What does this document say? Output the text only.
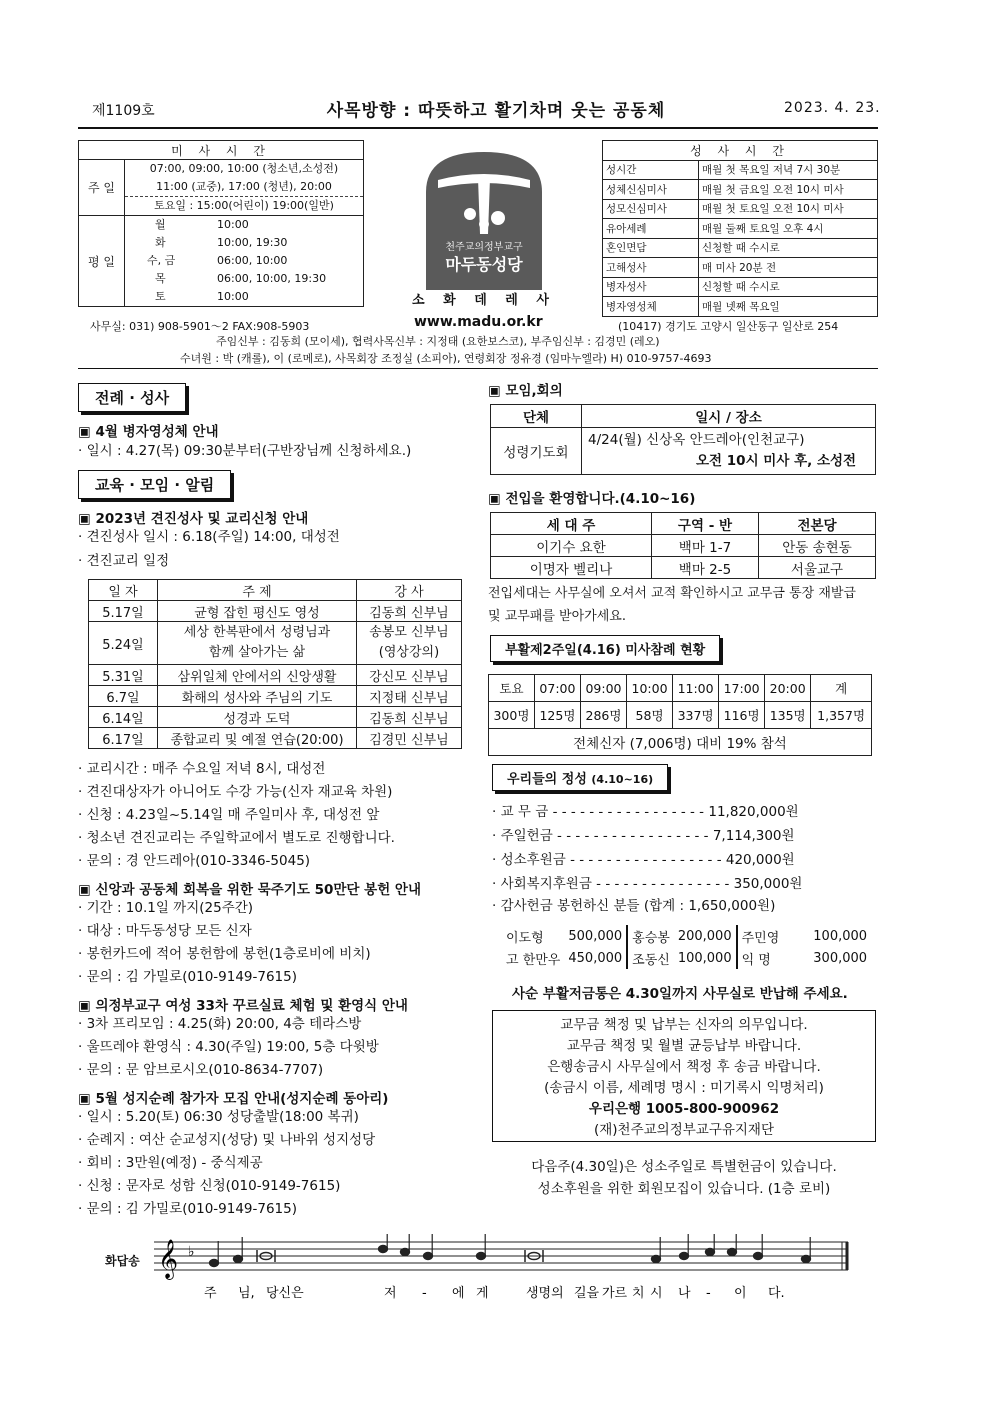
제1109호	사목방향 : 따뜻하고 활기차며 웃는 공동체	2023. 4. 23.
미 사 시 간	
주 일	07:00, 09:00, 10:00 (청소년,소성전)
11:00 (교중), 17:00 (청년), 20:00
토요일 : 15:00(어린이) 19:00(일반)

평 일	월 10:00
화 10:00, 19:30
수, 금 06:00, 10:00
목 06:00, 10:00, 19:30
토 10:00
천주교의정부교구
마두동성당
소 화 데 레 사
성 사 시 간	
성시간	매월 첫 목요일 저녁 7시 30분
성체신심미사	매월 첫 금요일 오전 10시 미사
성모신심미사	매월 첫 토요일 오전 10시 미사
유아세례	매월 둘째 토요일 오후 4시
혼인면담	신청할 때 수시로
고해성사	매 미사 20분 전
병자성사	신청할 때 수시로
병자영성체	매월 넷째 목요일
사무실: 031) 908-5901～2 FAX:908-5903	www.madu.or.kr	(10417) 경기도 고양시 일산동구 일산로 254
주임신부 : 김동희 (모이세), 협력사목신부 : 지정태 (요한보스코), 부주임신부 : 김경민 (레오)
수녀원 : 박 (캐롤), 이 (로메로), 사목회장 조정실 (소피아), 연령회장 정유경 (임마누엘라) H) 010-9757-4693
전례 · 성사
▣ 4월 병자영성체 안내
· 일시 : 4.27(목) 09:30분부터(구반장님께 신청하세요.)
교육 · 모임 · 알림
▣ 2023년 견진성사 및 교리신청 안내
· 견진성사 일시 : 6.18(주일) 14:00, 대성전
· 견진교리 일정
일 자	주 제	강 사
5.17일	균형 잡힌 평신도 영성	김동희 신부님
5.24일	세상 한복판에서 성령님과
함께 살아가는 삶	송봉모 신부님
(영상강의)
5.31일	삼위일체 안에서의 신앙생활	강신모 신부님
6.7일	화해의 성사와 주님의 기도	지정태 신부님
6.14일	성경과 도덕	김동희 신부님
6.17일	종합교리 및 예절 연습(20:00)	김경민 신부님
· 교리시간 : 매주 수요일 저녁 8시, 대성전
· 견진대상자가 아니어도 수강 가능(신자 재교육 차원)
· 신청 : 4.23일~5.14일 매 주일미사 후, 대성전 앞
· 청소년 견진교리는 주일학교에서 별도로 진행합니다.
· 문의 : 경 안드레아(010-3346-5045)
▣ 신앙과 공동체 회복을 위한 묵주기도 50만단 봉헌 안내
· 기간 : 10.1일 까지(25주간)
· 대상 : 마두동성당 모든 신자
· 봉헌카드에 적어 봉헌함에 봉헌(1층로비에 비치)
· 문의 : 김 가밀로(010-9149-7615)
▣ 의정부교구 여성 33차 꾸르실료 체험 및 환영식 안내
· 3차 프리모임 : 4.25(화) 20:00, 4층 테라스방
· 울뜨레야 환영식 : 4.30(주일) 19:00, 5층 다윗방
· 문의 : 문 암브로시오(010-8634-7707)
▣ 5월 성지순례 참가자 모집 안내(성지순례 동아리)
· 일시 : 5.20(토) 06:30 성당출발(18:00 복귀)
· 순례지 : 여산 순교성지(성당) 및 나바위 성지성당
· 회비 : 3만원(예정) - 중식제공
· 신청 : 문자로 성함 신청(010-9149-7615)
· 문의 : 김 가밀로(010-9149-7615)
▣ 모임,회의
단체	일시 / 장소
성령기도회	4/24(월) 신상옥 안드레아(인천교구)
오전 10시 미사 후, 소성전
▣ 전입을 환영합니다.(4.10~16)
세 대 주	구역 - 반	전본당
이기수 요한	백마 1-7	안동 송현동
이명자 벨리나	백마 2-5	서울교구
전입세대는 사무실에 오셔서 교적 확인하시고 교무금 통장 재발급
및 교무패를 받아가세요.
부활제2주일(4.16) 미사참례 현황
토요	07:00	09:00	10:00	11:00	17:00	20:00	계
300명	125명	286명	58명	337명	116명	135명	1,357명
전체신자 (7,006명) 대비 19% 참석							
우리들의 정성 (4.10~16)
· 교 무 금 - - - - - - - - - - - - - - - - - 11,820,000원
· 주일헌금 - - - - - - - - - - - - - - - - - 7,114,300원
· 성소후원금 - - - - - - - - - - - - - - - - - 420,000원
· 사회복지후원금 - - - - - - - - - - - - - - - 350,000원
· 감사헌금 봉헌하신 분들 (합계 : 1,650,000원)
이도형	500,000	홍승봉	200,000	주민영	100,000
고 한만우	450,000	조동신	100,000	익 명	300,000
사순 부활저금통은 4.30일까지 사무실로 반납해 주세요.
교무금 책정 및 납부는 신자의 의무입니다.
교무금 책정 및 월별 균등납부 바랍니다.
은행송금시 사무실에서 책정 후 송금 바랍니다.
(송금시 이름, 세례명 명시 : 미기록시 익명처리)
우리은행 1005-800-900962
(재)천주교의정부교구유지재단
다음주(4.30일)은 성소주일로 특별헌금이 있습니다.
성소후원을 위한 회원모집이 있습니다. (1층 로비)
화답송 𝄞 ♭
주 님, 당신은	저 - 에 게	생명의 길을 가르 치 시 나 - 이 다.
